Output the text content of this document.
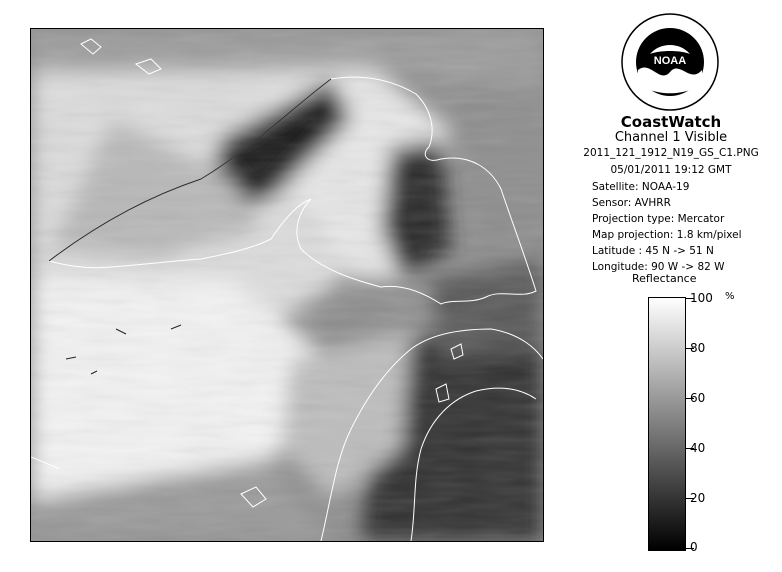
NOAA
CoastWatch
Channel 1 Visible
2011_121_1912_N19_GS_C1.PNG
05/01/2011 19:12 GMT
Satellite: NOAA-19
Sensor: AVHRR
Projection type: Mercator
Map projection: 1.8 km/pixel
Latitude : 45 N -> 51 N
Longitude: 90 W -> 82 W
Reflectance
%
100
80
60
40
20
0
